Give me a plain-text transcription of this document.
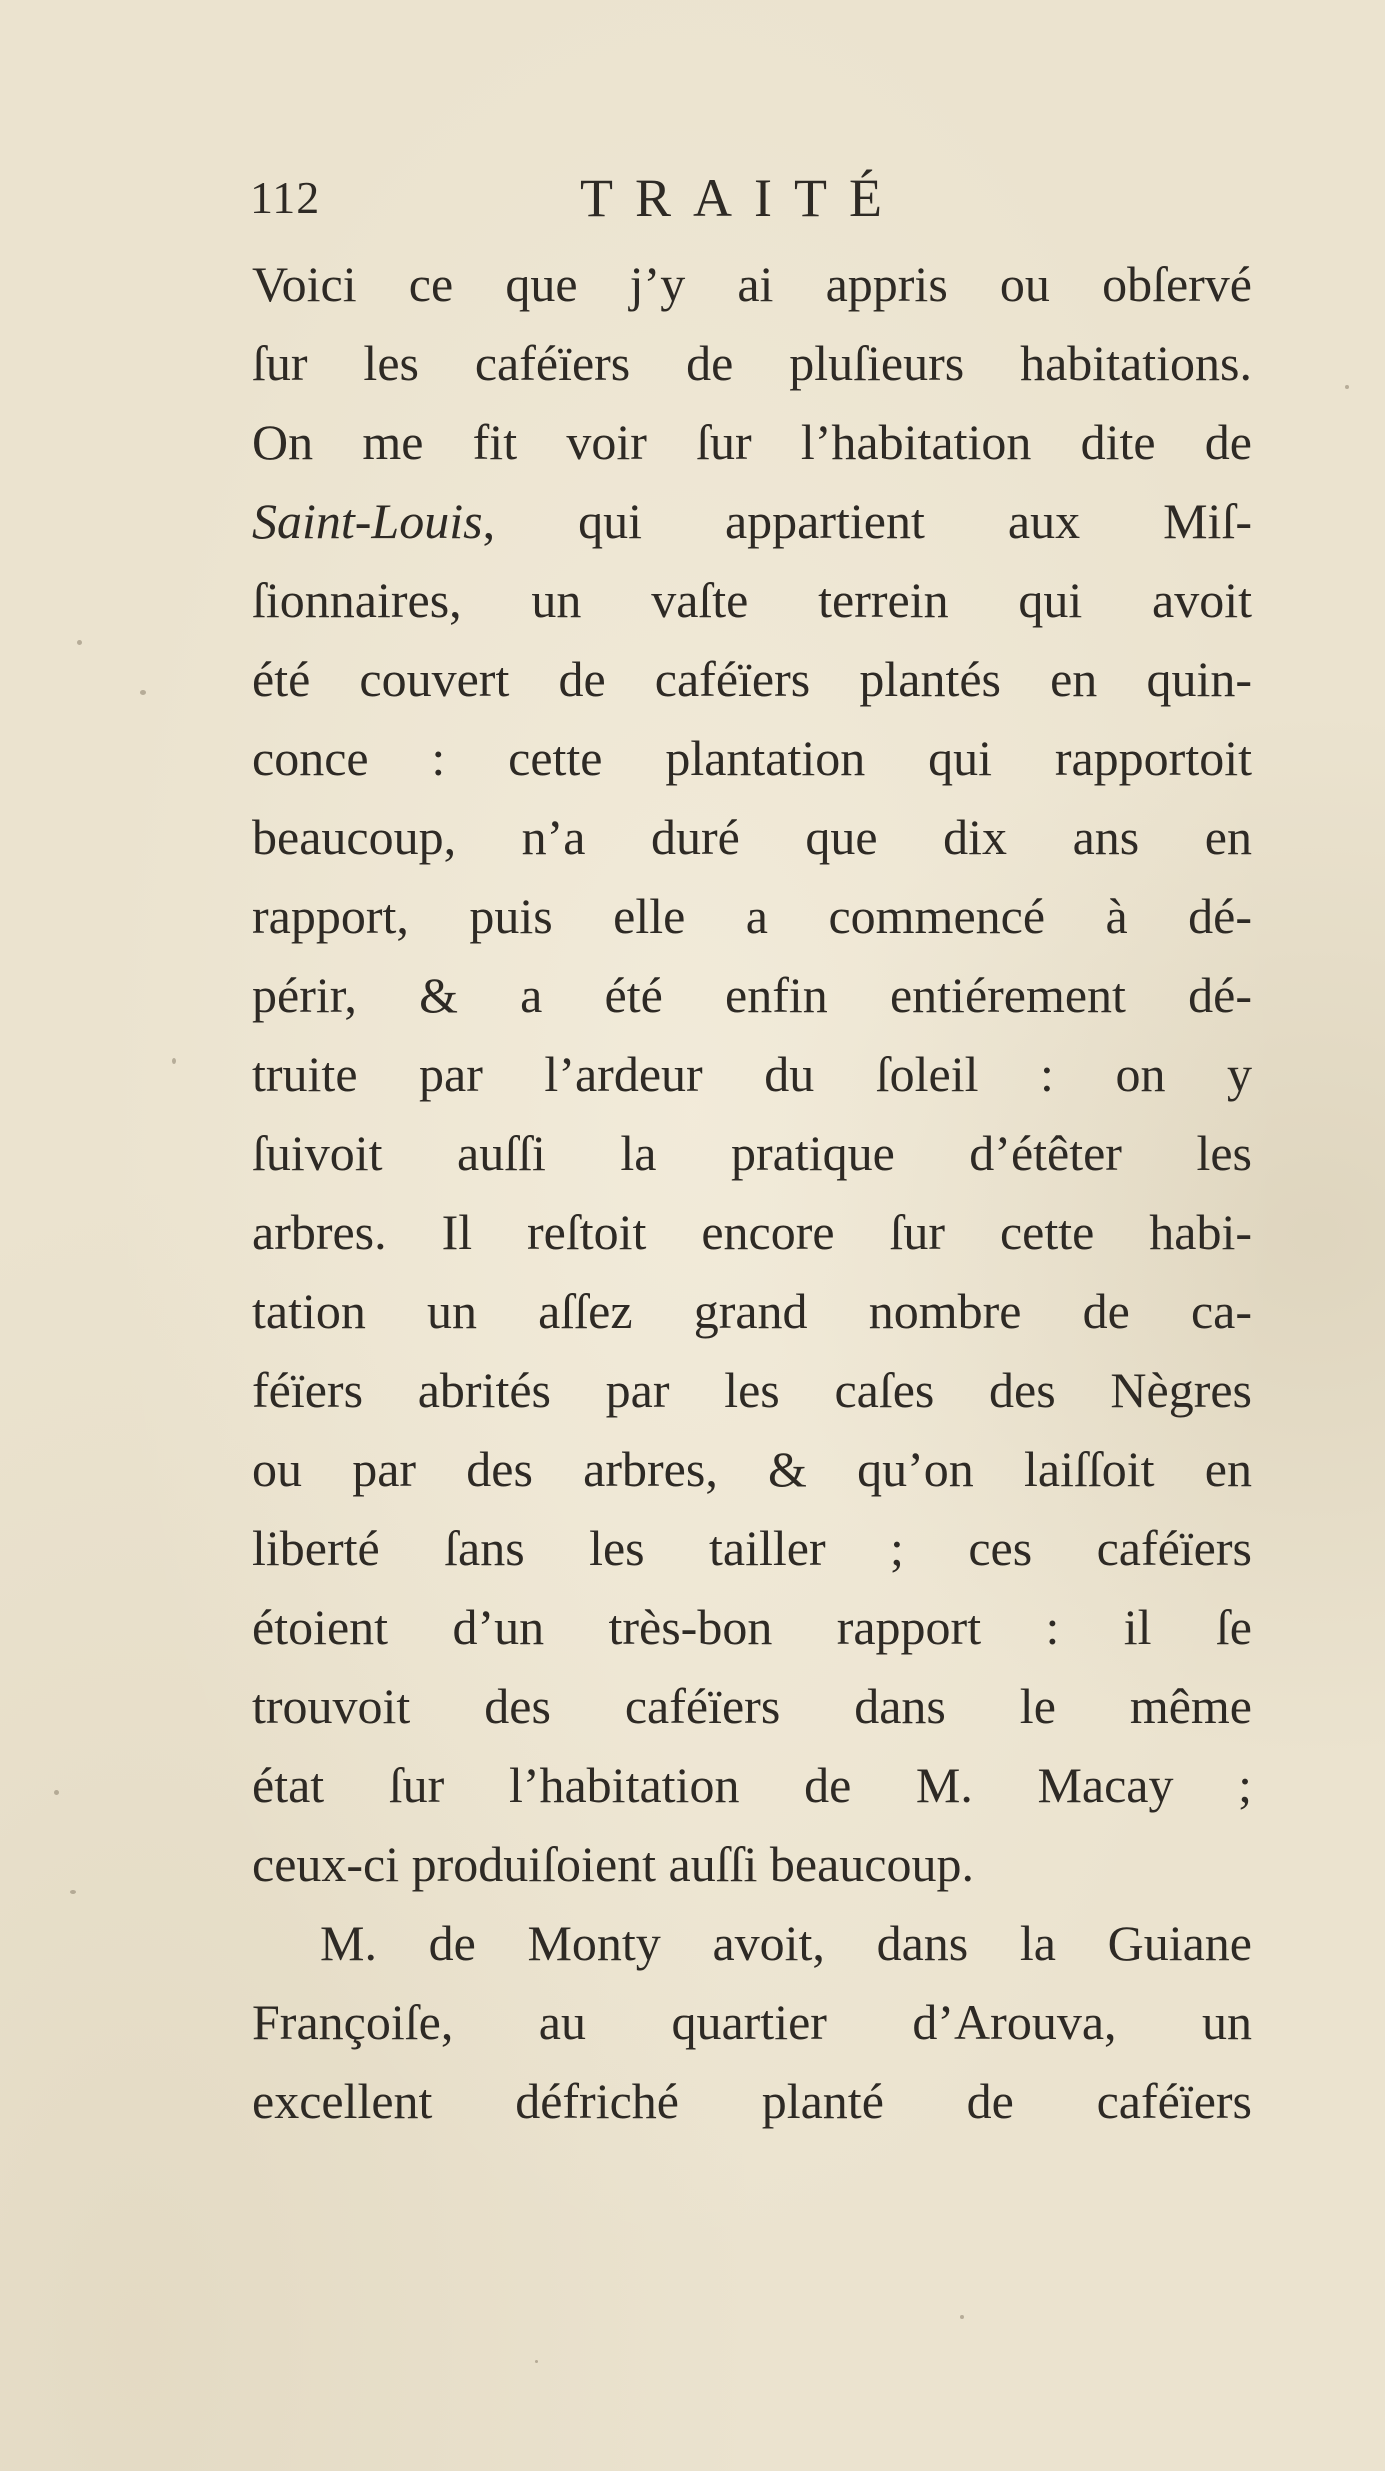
112	TRAITÉ
Voici ce que j’y ai appris ou obſervé
ſur les caféïers de pluſieurs habitations.
On me fit voir ſur l’habitation dite de
Saint-Louis, qui appartient aux Miſ-
ſionnaires, un vaſte terrein qui avoit
été couvert de caféïers plantés en quin-
conce : cette plantation qui rapportoit
beaucoup, n’a duré que dix ans en
rapport, puis elle a commencé à dé-
périr, & a été enfin entiérement dé-
truite par l’ardeur du ſoleil : on y
ſuivoit auſſi la pratique d’étêter les
arbres. Il reſtoit encore ſur cette habi-
tation un aſſez grand nombre de ca-
féïers abrités par les caſes des Nègres
ou par des arbres, & qu’on laiſſoit en
liberté ſans les tailler ; ces caféïers
étoient d’un très-bon rapport : il ſe
trouvoit des caféïers dans le même
état ſur l’habitation de M. Macay ;
ceux-ci produiſoient auſſi beaucoup.
M. de Monty avoit, dans la Guiane
Françoiſe, au quartier d’Arouva, un
excellent défriché planté de caféïers
